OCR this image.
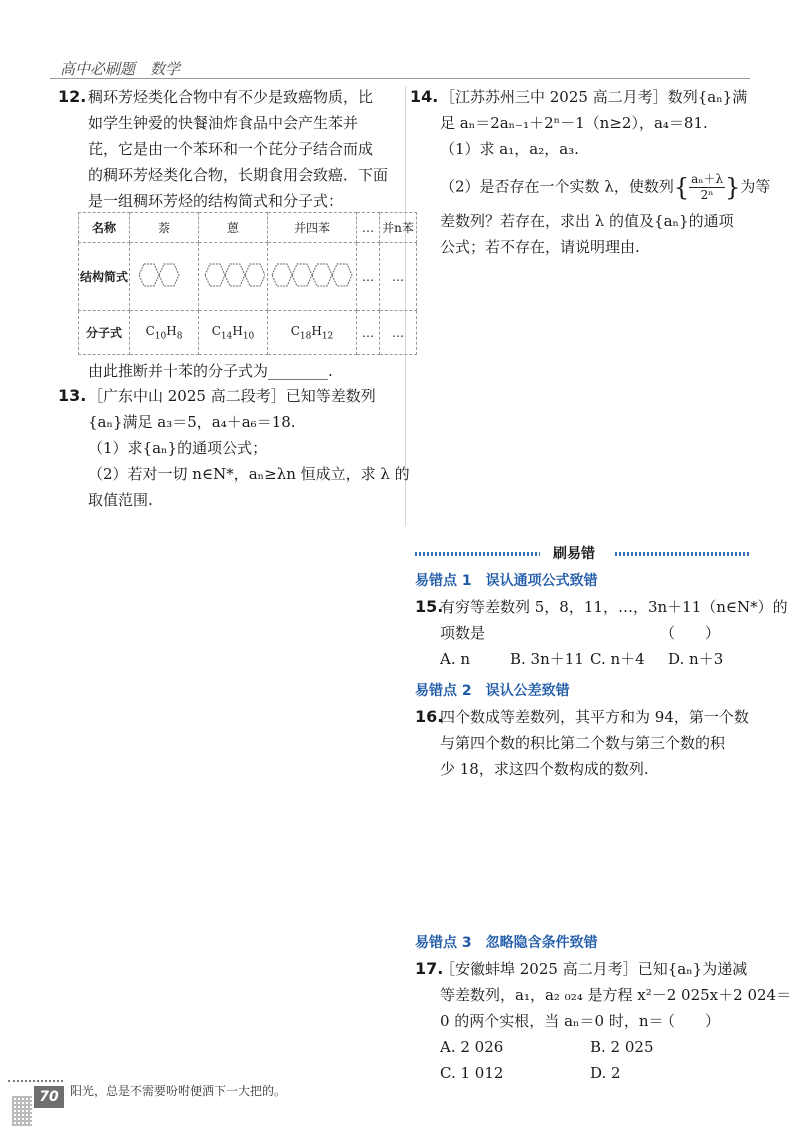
高中必刷题　数学
12. 稠环芳烃类化合物中有不少是致癌物质，比
如学生钟爱的快餐油炸食品中会产生苯并
芘，它是由一个苯环和一个芘分子结合而成
的稠环芳烃类化合物，长期食用会致癌．下面
是一组稠环芳烃的结构简式和分子式：
名称	萘	蒽	并四苯	…	并n苯
结构简式				…	…
分子式	$C_{10}H_8$	$C_{14}H_{10}$	$C_{18}H_{12}$	…	…
由此推断并十苯的分子式为________.
13. ［广东中山 2025 高二段考］已知等差数列
{aₙ}满足 a₃＝5，a₄＋a₆＝18.
（1）求{aₙ}的通项公式；
（2）若对一切 n∈N*，aₙ≥λn 恒成立，求 λ 的
取值范围.
14. ［江苏苏州三中 2025 高二月考］数列{aₙ}满
足 aₙ＝2aₙ₋₁＋2ⁿ－1（n≥2），a₄＝81.
（1）求 a₁，a₂，a₃.
（2）是否存在一个实数 λ，使数列{ $\frac{\text{aₙ＋λ}}{\text{2ⁿ}}$ }为等
差数列？若存在，求出 λ 的值及{aₙ}的通项
公式；若不存在，请说明理由.
刷易错
易错点 1　误认通项公式致错
15.
有穷等差数列 5，8，11，…，3n＋11（n∈N*）的
项数是	（　　）
A. n	B. 3n＋11 C. n＋4 D. n＋3
易错点 2　误认公差致错
16.
四个数成等差数列，其平方和为 94，第一个数
与第四个数的积比第二个数与第三个数的积
少 18，求这四个数构成的数列.
易错点 3　忽略隐含条件致错
17.
［安徽蚌埠 2025 高二月考］已知{aₙ}为递减
等差数列，a₁，a₂ ₀₂₄ 是方程 x²－2 025x＋2 024＝
0 的两个实根，当 aₙ＝0 时，n＝
（　　）
A. 2 026	B. 2 025
C. 1 012	D. 2
70 阳光，总是不需要吩咐便洒下一大把的。
